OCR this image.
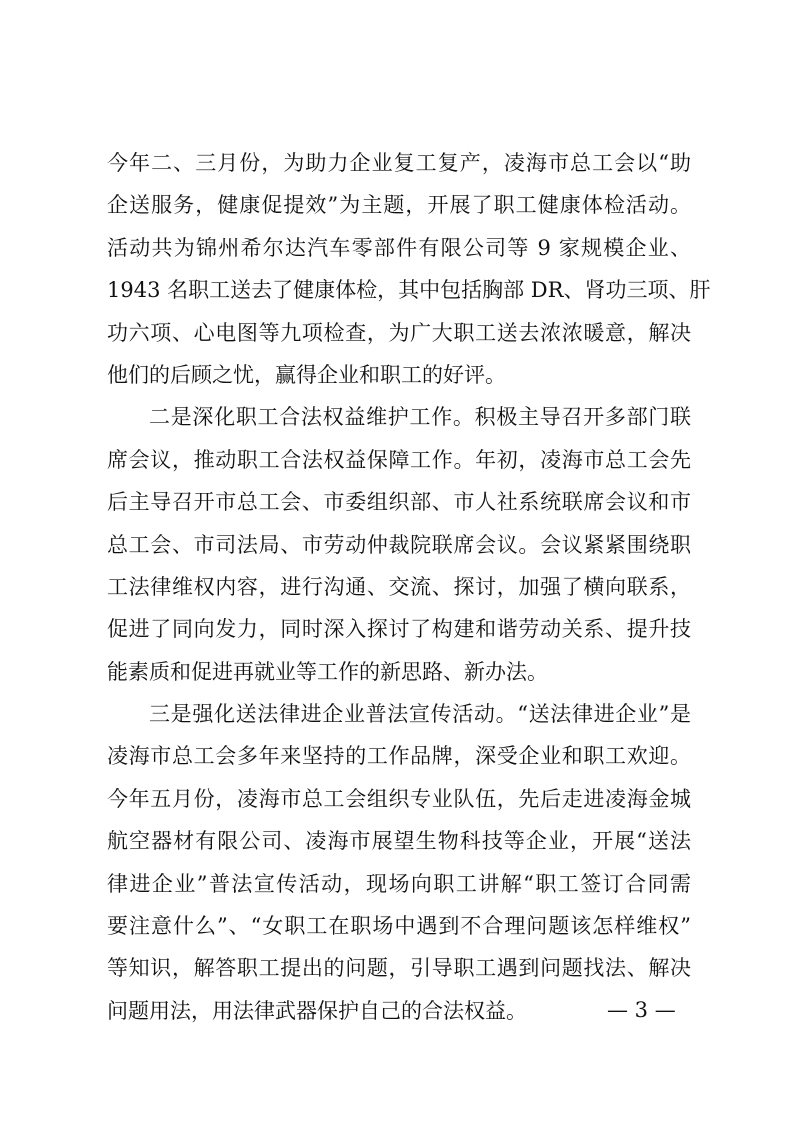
今年二、三月份，为助力企业复工复产，凌海市总工会以“助
企送服务，健康促提效”为主题，开展了职工健康体检活动。
活动共为锦州希尔达汽车零部件有限公司等 9 家规模企业、
1943 名职工送去了健康体检，其中包括胸部 DR、肾功三项、肝
功六项、心电图等九项检查，为广大职工送去浓浓暖意，解决
他们的后顾之忧，赢得企业和职工的好评。
二是深化职工合法权益维护工作。积极主导召开多部门联
席会议，推动职工合法权益保障工作。年初，凌海市总工会先
后主导召开市总工会、市委组织部、市人社系统联席会议和市
总工会、市司法局、市劳动仲裁院联席会议。会议紧紧围绕职
工法律维权内容，进行沟通、交流、探讨，加强了横向联系，
促进了同向发力，同时深入探讨了构建和谐劳动关系、提升技
能素质和促进再就业等工作的新思路、新办法。
三是强化送法律进企业普法宣传活动。“送法律进企业”是
凌海市总工会多年来坚持的工作品牌，深受企业和职工欢迎。
今年五月份，凌海市总工会组织专业队伍，先后走进凌海金城
航空器材有限公司、凌海市展望生物科技等企业，开展“送法
律进企业”普法宣传活动，现场向职工讲解“职工签订合同需
要注意什么”、“女职工在职场中遇到不合理问题该怎样维权”
等知识，解答职工提出的问题，引导职工遇到问题找法、解决
问题用法，用法律武器保护自己的合法权益。	— 3 —
